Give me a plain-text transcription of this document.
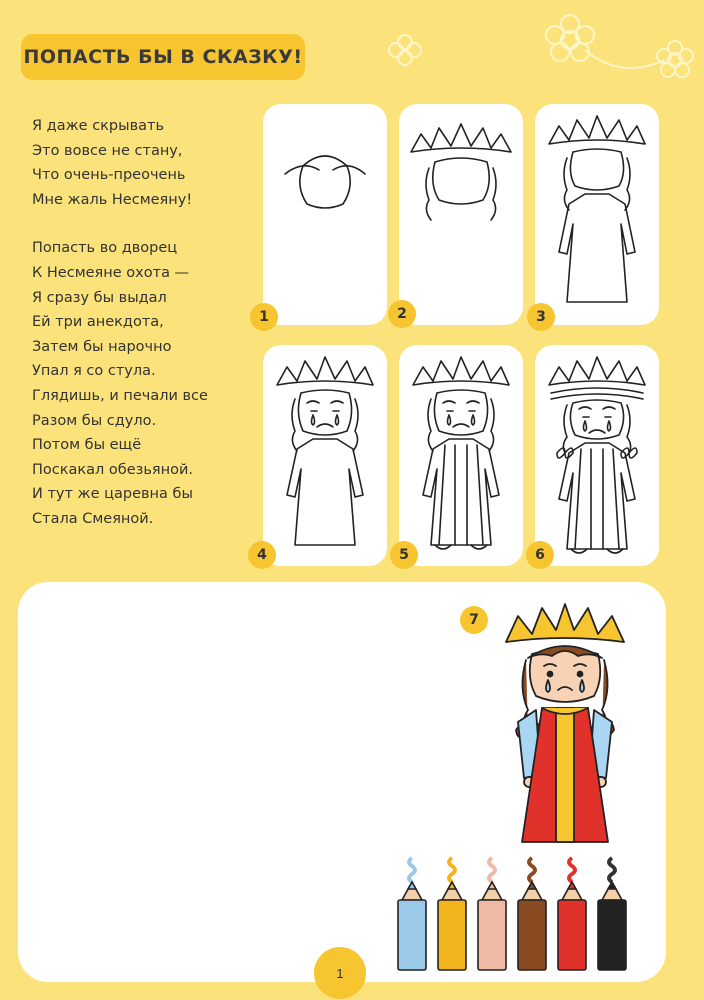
ПОПАСТЬ БЫ В СКАЗКУ!
Я даже скрывать
Это вовсе не стану,
Что очень-преочень
Мне жаль Несмеяну!
Попасть во дворец
К Несмеяне охота —
Я сразу бы выдал
Ей три анекдота,
Затем бы нарочно
Упал я со стула.
Глядишь, и печали все
Разом бы сдуло.
Потом бы ещё
Поскакал обезьяной.
И тут же царевна бы
Стала Смеяной.
1	2	3
4	5	6
7
1
